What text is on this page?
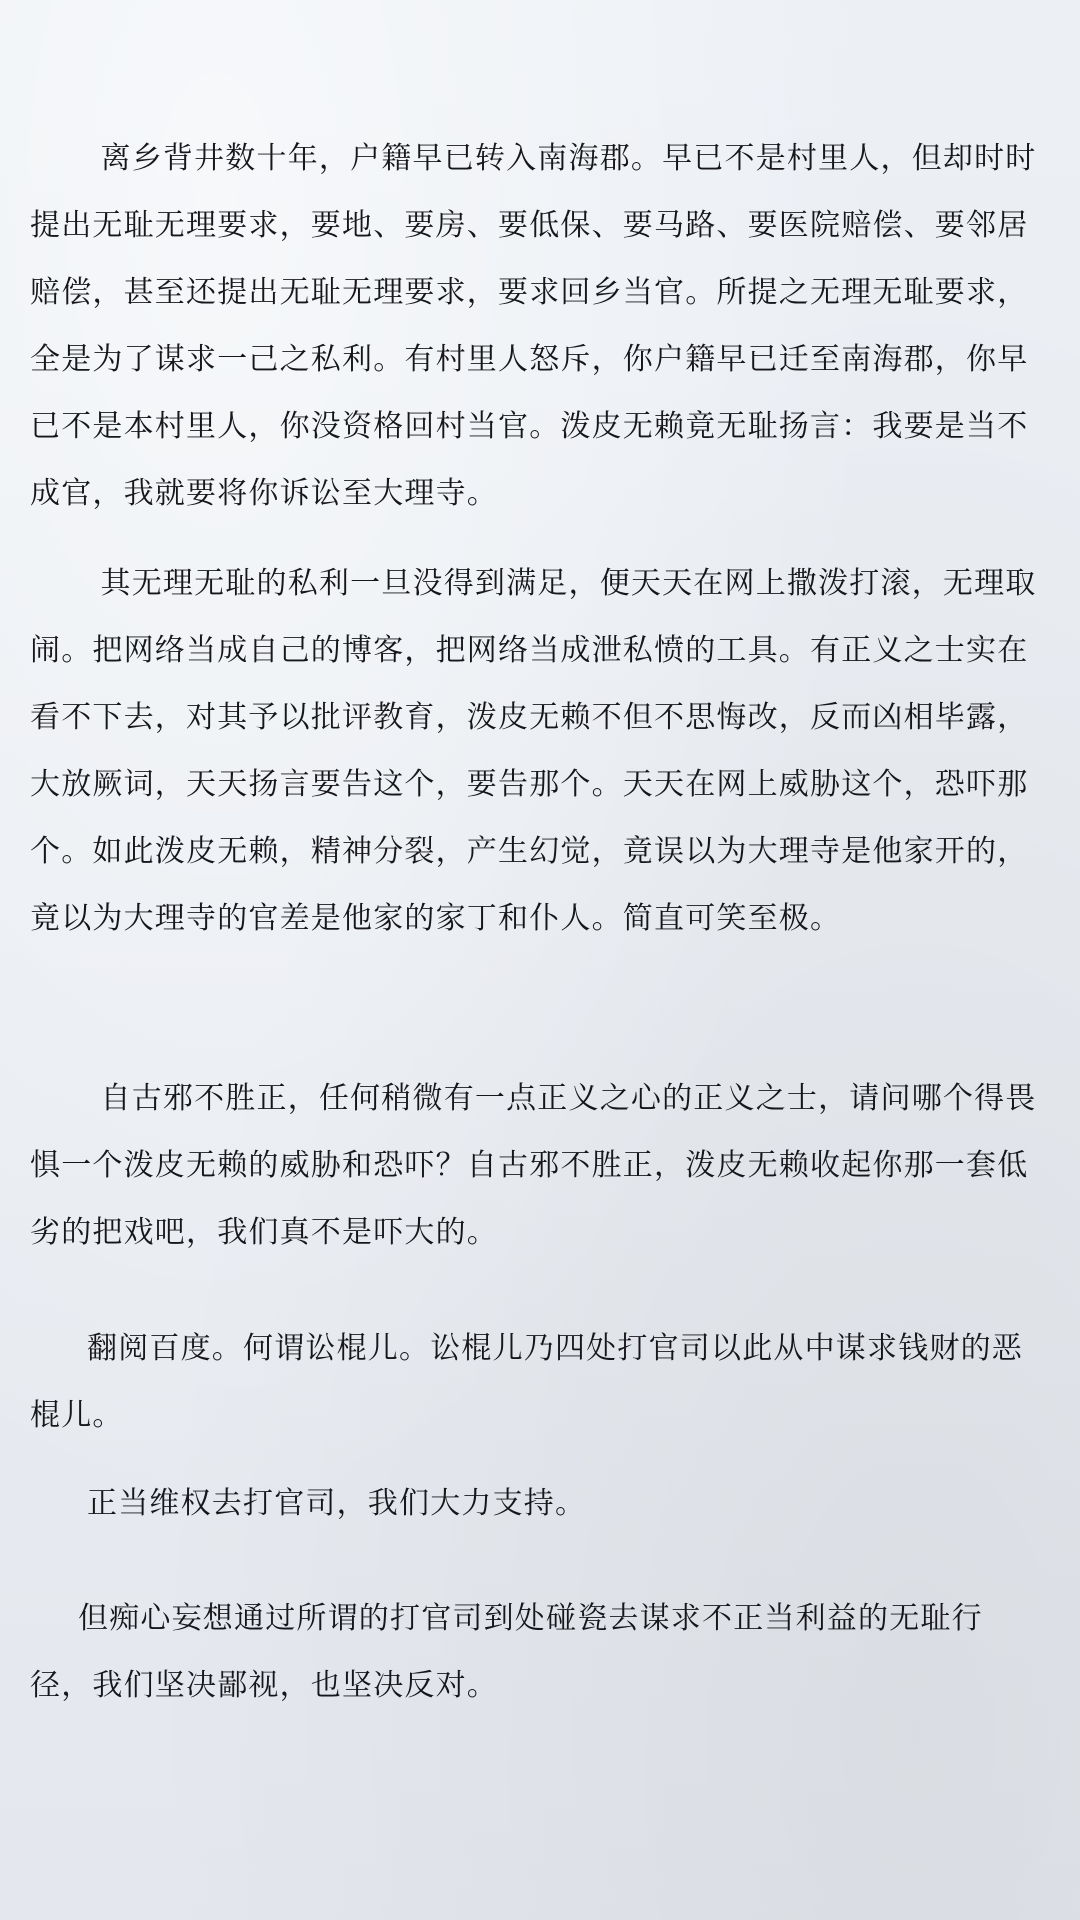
离乡背井数十年，户籍早已转入南海郡。早已不是村里人，但却时时提出无耻无理要求，要地、要房、要低保、要马路、要医院赔偿、要邻居赔偿，甚至还提出无耻无理要求，要求回乡当官。所提之无理无耻要求，全是为了谋求一己之私利。有村里人怒斥，你户籍早已迁至南海郡，你早已不是本村里人，你没资格回村当官。泼皮无赖竟无耻扬言：我要是当不成官，我就要将你诉讼至大理寺。

其无理无耻的私利一旦没得到满足，便天天在网上撒泼打滚，无理取闹。把网络当成自己的博客，把网络当成泄私愤的工具。有正义之士实在看不下去，对其予以批评教育，泼皮无赖不但不思悔改，反而凶相毕露，大放厥词，天天扬言要告这个，要告那个。天天在网上威胁这个，恐吓那个。如此泼皮无赖，精神分裂，产生幻觉，竟误以为大理寺是他家开的，竟以为大理寺的官差是他家的家丁和仆人。简直可笑至极。

自古邪不胜正，任何稍微有一点正义之心的正义之士，请问哪个得畏惧一个泼皮无赖的威胁和恐吓？自古邪不胜正，泼皮无赖收起你那一套低劣的把戏吧，我们真不是吓大的。

翻阅百度。何谓讼棍儿。讼棍儿乃四处打官司以此从中谋求钱财的恶棍儿。

正当维权去打官司，我们大力支持。

但痴心妄想通过所谓的打官司到处碰瓷去谋求不正当利益的无耻行径，我们坚决鄙视，也坚决反对。
